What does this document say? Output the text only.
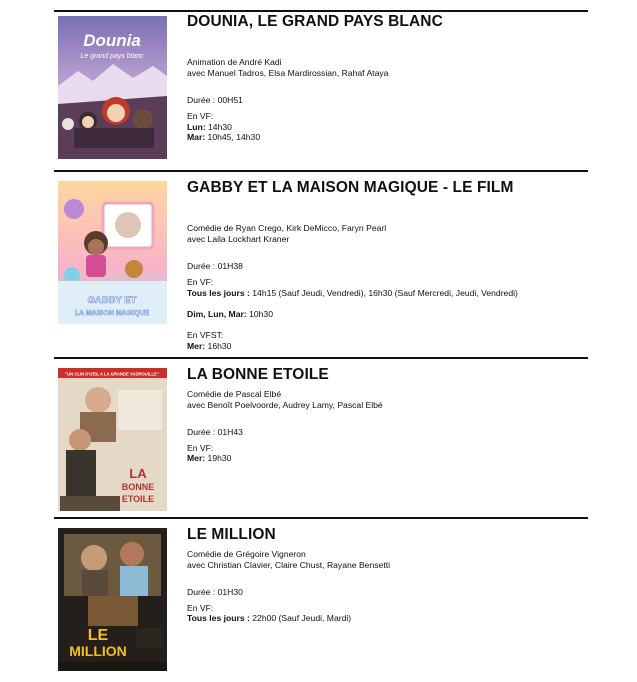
Dounia
Le grand pays blanc
DOUNIA, LE GRAND PAYS BLANC
Animation de André Kadi
avec Manuel Tadros, Elsa Mardirossian, Rahaf Ataya
Durée : 00H51
En VF:
Lun: 14h30
Mar: 10h45, 14h30
GABBY ET
LA MAISON MAGIQUE
GABBY ET LA MAISON MAGIQUE - LE FILM
Comédie de Ryan Crego, Kirk DeMicco, Faryn Pearl
avec Laila Lockhart Kraner
Durée : 01H38
En VF:
Tous les jours : 14h15 (Sauf Jeudi, Vendredi), 16h30 (Sauf Mercredi, Jeudi, Vendredi)
Dim, Lun, Mar: 10h30
En VFST:
Mer: 16h30
"UN CLIN D'OEIL A LA GRANDE VADROUILLE"
LA
BONNE
ETOILE
LA BONNE ETOILE
Comédie de Pascal Elbé
avec Benoît Poelvoorde, Audrey Lamy, Pascal Elbé
Durée : 01H43
En VF:
Mer: 19h30
LE
MILLION
LE MILLION
Comédie de Grégoire Vigneron
avec Christian Clavier, Claire Chust, Rayane Bensetti
Durée : 01H30
En VF:
Tous les jours : 22h00 (Sauf Jeudi, Mardi)
